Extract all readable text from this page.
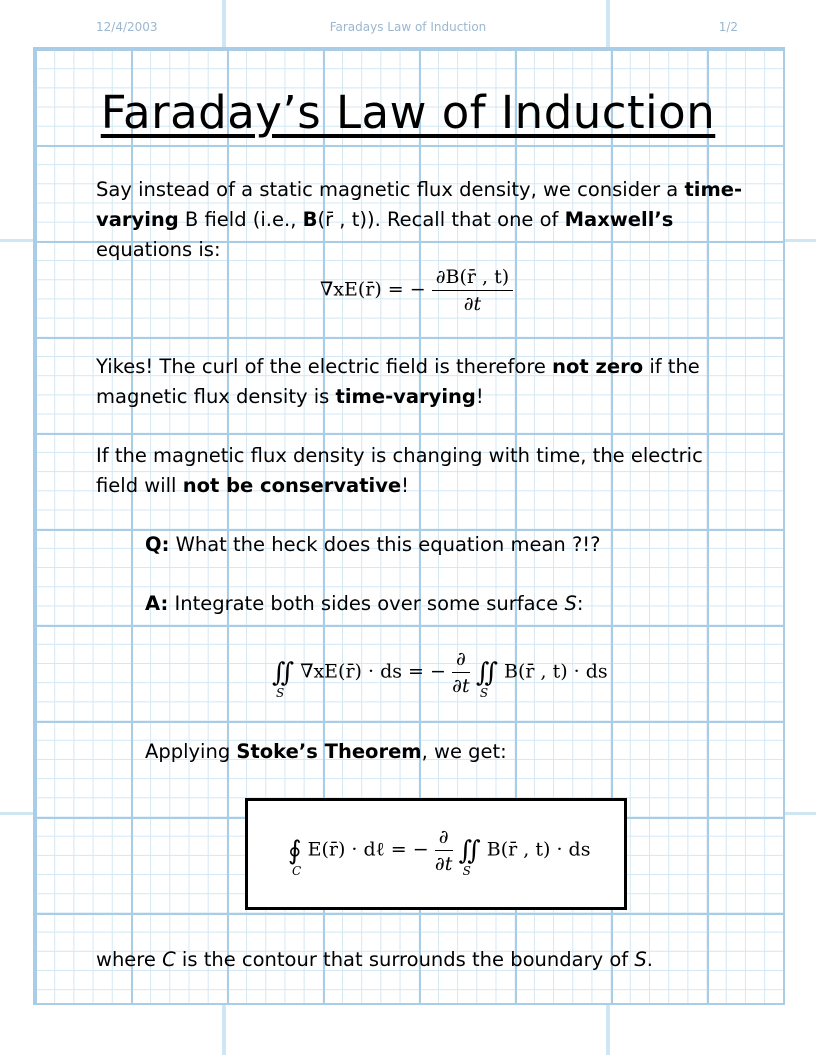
12/4/2003	Faradays Law of Induction	1/2
Faraday’s Law of Induction
Say instead of a static magnetic flux density, we consider a time-varying B field (i.e., B(r̄ , t)). Recall that one of Maxwell’s equations is:
∇xE(r̄) = − $\frac{\partial B(r̄ , t)}{\partial t}$
Yikes! The curl of the electric field is therefore not zero if the magnetic flux density is time-varying!
If the magnetic flux density is changing with time, the electric field will not be conservative!
Q: What the heck does this equation mean ?!?
A: Integrate both sides over some surface S:
∬
S
∇xE(r̄) · ds = − $\frac{\partial}{\partial t}$ ∬
S
B(r̄ , t) · ds
Applying Stoke’s Theorem, we get:
∮
C
E(r̄) · dℓ = − $\frac{\partial}{\partial t}$ ∬
S
B(r̄ , t) · ds
where C is the contour that surrounds the boundary of S.
